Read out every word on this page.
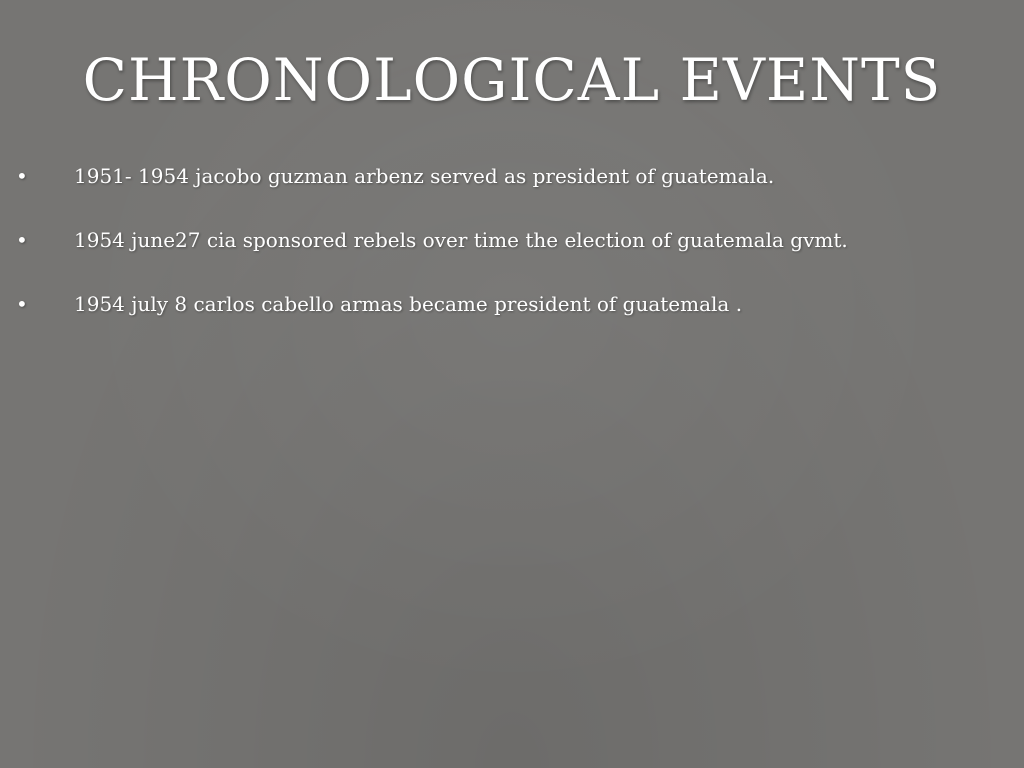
CHRONOLOGICAL EVENTS
• 1951- 1954 jacobo guzman arbenz served as president of guatemala.
• 1954 june27 cia sponsored rebels over time the election of guatemala gvmt.
• 1954 july 8 carlos cabello armas became president of guatemala .
